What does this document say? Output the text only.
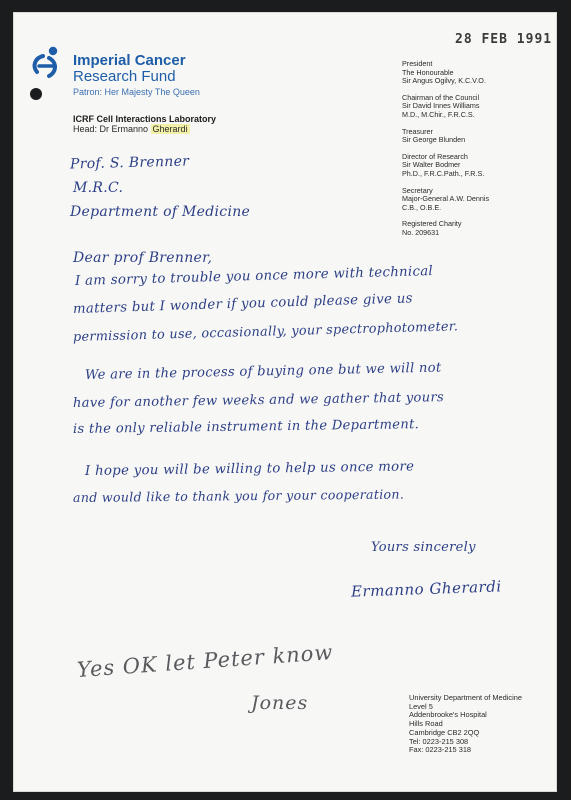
Imperial Cancer
Research Fund
Patron: Her Majesty The Queen
ICRF Cell Interactions Laboratory
Head: Dr Ermanno Gherardi
28 FEB 1991
President
The Honourable
Sir Angus Ogilvy, K.C.V.O.
Chairman of the Council
Sir David Innes Williams
M.D., M.Chir., F.R.C.S.
Treasurer
Sir George Blunden
Director of Research
Sir Walter Bodmer
Ph.D., F.R.C.Path., F.R.S.
Secretary
Major-General A.W. Dennis
C.B., O.B.E.
Registered Charity
No. 209631
Prof. S. Brenner
M.R.C.
Department of Medicine
Dear prof Brenner,
I am sorry to trouble you once more with technical
matters but I wonder if you could please give us
permission to use, occasionally, your spectrophotometer.
We are in the process of buying one but we will not
have for another few weeks and we gather that yours
is the only reliable instrument in the Department.
I hope you will be willing to help us once more
and would like to thank you for your cooperation.
Yours sincerely
Ermanno Gherardi
Yes OK let Peter know
Jones	University Department of Medicine
Level 5
Addenbrooke's Hospital
Hills Road
Cambridge CB2 2QQ
Tel: 0223-215 308
Fax: 0223-215 318
